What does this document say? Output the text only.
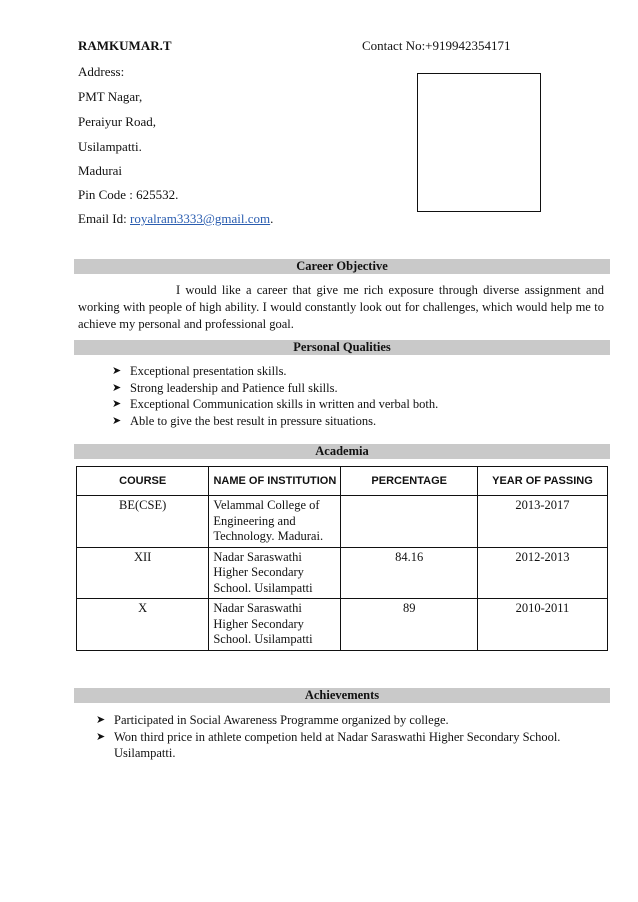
RAMKUMAR.T	Contact No:+919942354171
Address:
PMT Nagar,
Peraiyur Road,
Usilampatti.
Madurai
Pin Code : 625532.
Email Id: royalram3333@gmail.com.
Career Objective
I would like a career that give me rich exposure through diverse assignment and working with people of high ability. I would constantly look out for challenges, which would help me to achieve my personal and professional goal.
Personal Qualities
➤ Exceptional presentation skills.
➤ Strong leadership and Patience full skills.
➤ Exceptional Communication skills in written and verbal both.
➤ Able to give the best result in pressure situations.
Academia
COURSE	NAME OF INSTITUTION	PERCENTAGE	YEAR OF PASSING
BE(CSE)	Velammal College of Engineering and Technology. Madurai.		2013-2017
XII	Nadar Saraswathi Higher Secondary School. Usilampatti	84.16	2012-2013
X	Nadar Saraswathi Higher Secondary School. Usilampatti	89	2010-2011
Achievements
➤ Participated in Social Awareness Programme organized by college.
➤ Won third price in athlete competion held at Nadar Saraswathi Higher Secondary School. Usilampatti.
